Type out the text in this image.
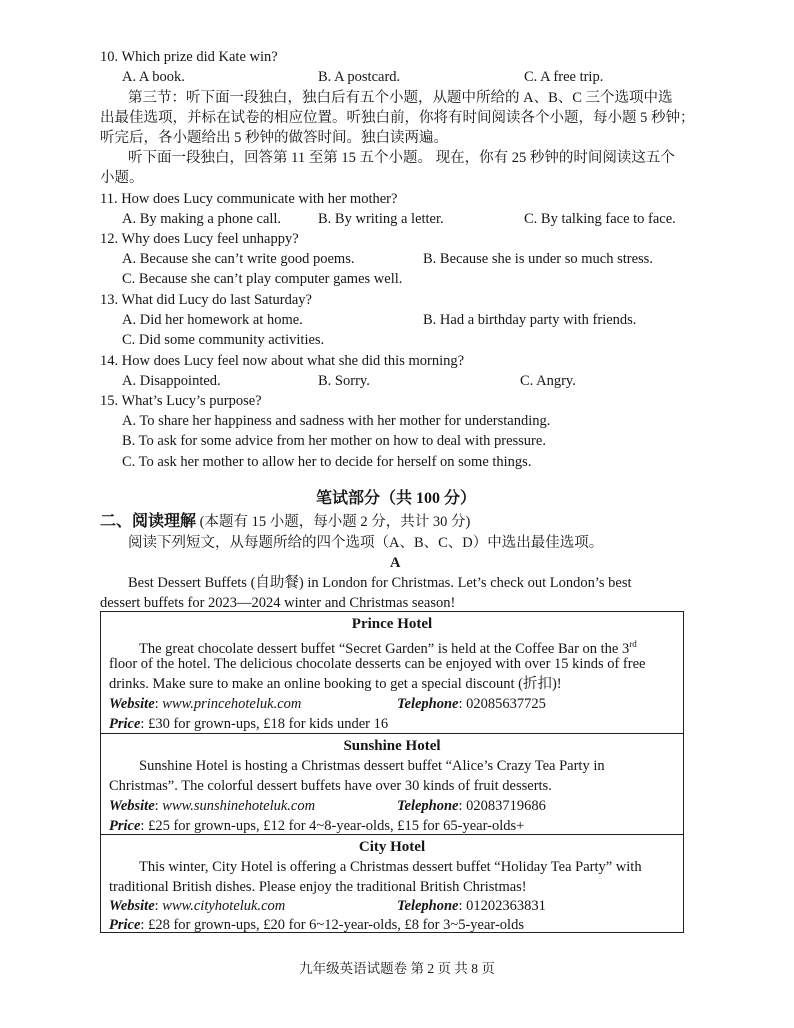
10. Which prize did Kate win?
A. A book.	B. A postcard.	C. A free trip.
第三节：听下面一段独白，独白后有五个小题，从题中所给的 A、B、C 三个选项中选
出最佳选项，并标在试卷的相应位置。听独白前，你将有时间阅读各个小题，每小题 5 秒钟；
听完后，各小题给出 5 秒钟的做答时间。独白读两遍。
听下面一段独白，回答第 11 至第 15 五个小题。 现在，你有 25 秒钟的时间阅读这五个
小题。
11. How does Lucy communicate with her mother?
A. By making a phone call.	B. By writing a letter.	C. By talking face to face.
12. Why does Lucy feel unhappy?
A. Because she can’t write good poems.	B. Because she is under so much stress.
C. Because she can’t play computer games well.
13. What did Lucy do last Saturday?
A. Did her homework at home.	B. Had a birthday party with friends.
C. Did some community activities.
14. How does Lucy feel now about what she did this morning?
A. Disappointed.	B. Sorry.	C. Angry.
15. What’s Lucy’s purpose?
A. To share her happiness and sadness with her mother for understanding.
B. To ask for some advice from her mother on how to deal with pressure.
C. To ask her mother to allow her to decide for herself on some things.
笔试部分（共 100 分）
二、阅读理解 (本题有 15 小题，每小题 2 分，共计 30 分)
阅读下列短文，从每题所给的四个选项（A、B、C、D）中选出最佳选项。
A
Best Dessert Buffets (自助餐) in London for Christmas. Let’s check out London’s best
dessert buffets for 2023—2024 winter and Christmas season!
Prince Hotel
The great chocolate dessert buffet “Secret Garden” is held at the Coffee Bar on the 3rd
floor of the hotel. The delicious chocolate desserts can be enjoyed with over 15 kinds of free
drinks. Make sure to make an online booking to get a special discount (折扣)!
Website: www.princehoteluk.com	Telephone: 02085637725
Price: £30 for grown-ups, £18 for kids under 16
Sunshine Hotel
Sunshine Hotel is hosting a Christmas dessert buffet “Alice’s Crazy Tea Party in
Christmas”. The colorful dessert buffets have over 30 kinds of fruit desserts.
Website: www.sunshinehoteluk.com	Telephone: 02083719686
Price: £25 for grown-ups, £12 for 4~8-year-olds, £15 for 65-year-olds+
City Hotel
This winter, City Hotel is offering a Christmas dessert buffet “Holiday Tea Party” with
traditional British dishes. Please enjoy the traditional British Christmas!
Website: www.cityhoteluk.com	Telephone: 01202363831
Price: £28 for grown-ups, £20 for 6~12-year-olds, £8 for 3~5-year-olds
九年级英语试题卷 第 2 页 共 8 页
